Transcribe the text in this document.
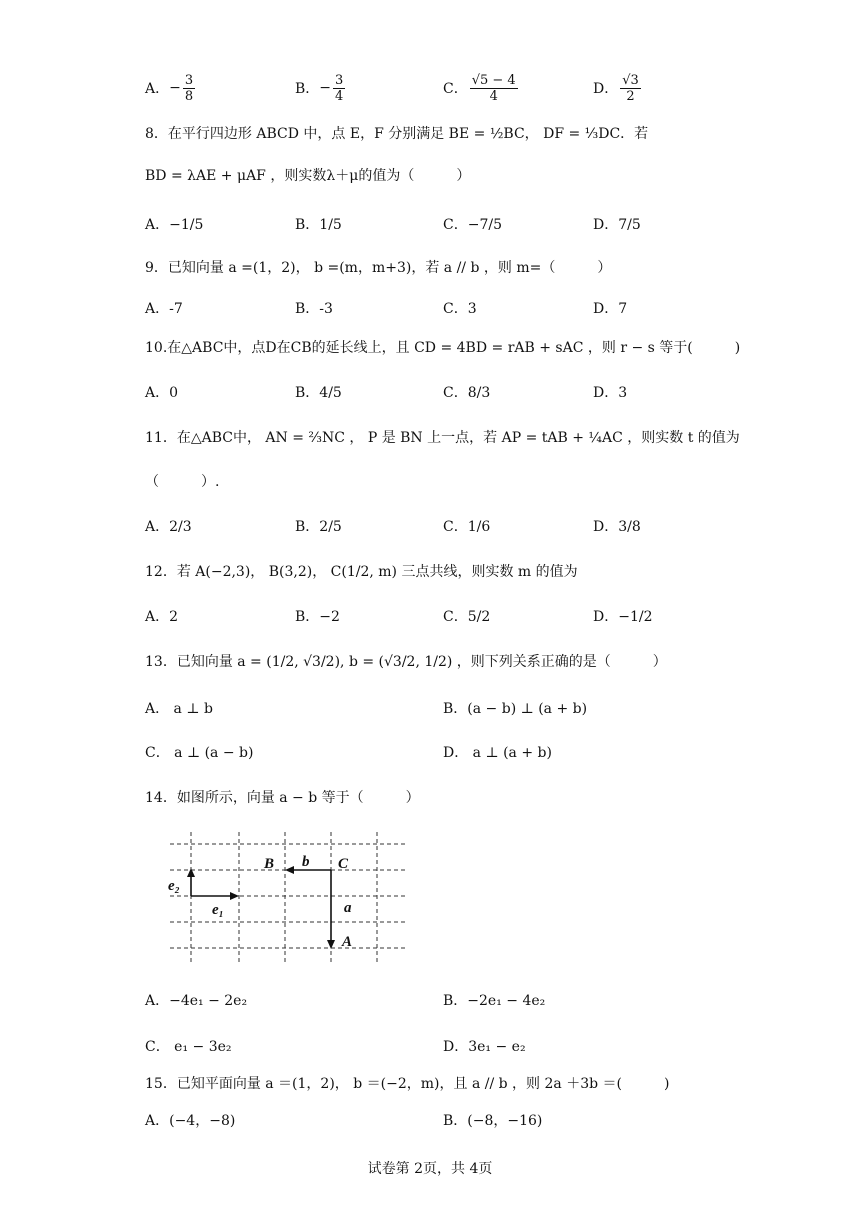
A． − $\frac{3}{8}$	B． − $\frac{3}{4}$	C． $\frac{√5 - 4}{4}$	D． $\frac{√3}{2}$
8．在平行四边形 ABCD 中，点 E，F 分别满足 BE = ½BC， DF = ⅓DC．若
BD = λAE + μAF ，则实数λ＋μ的值为（　　　）
A．−1/5	B．1/5	C．−7/5	D．7/5
9．已知向量 a =(1，2)， b =(m，m+3)，若 a // b ，则 m=（　　　）
A．-7	B．-3	C．3	D．7
10.在△ABC中，点D在CB的延长线上，且 CD = 4BD = rAB + sAC ，则 r − s 等于(　　　)
A．0	B．4/5	C．8/3	D．3
11．在△ABC中， AN = ⅔NC ， P 是 BN 上一点，若 AP = tAB + ¼AC ，则实数 t 的值为
（　　　）.
A．2/3	B．2/5	C．1/6	D．3/8
12．若 A(−2,3)， B(3,2)， C(1/2, m) 三点共线，则实数 m 的值为
A．2	B．−2	C．5/2	D．−1/2
13．已知向量 a = (1/2, √3/2), b = (√3/2, 1/2) ，则下列关系正确的是（　　　）
A． a ⊥ b	B．(a − b) ⊥ (a + b)
C． a ⊥ (a − b)	D． a ⊥ (a + b)
14．如图所示，向量 a − b 等于（　　　）
B b C
a
A
e₂
e₁
A．−4e₁ − 2e₂	B．−2e₁ − 4e₂
C． e₁ − 3e₂	D．3e₁ − e₂
15．已知平面向量 a ＝(1，2)， b ＝(−2，m)，且 a // b ，则 2a ＋3b ＝(　　　)
A．(−4，−8)	B．(−8，−16)
试卷第 2页，共 4页
